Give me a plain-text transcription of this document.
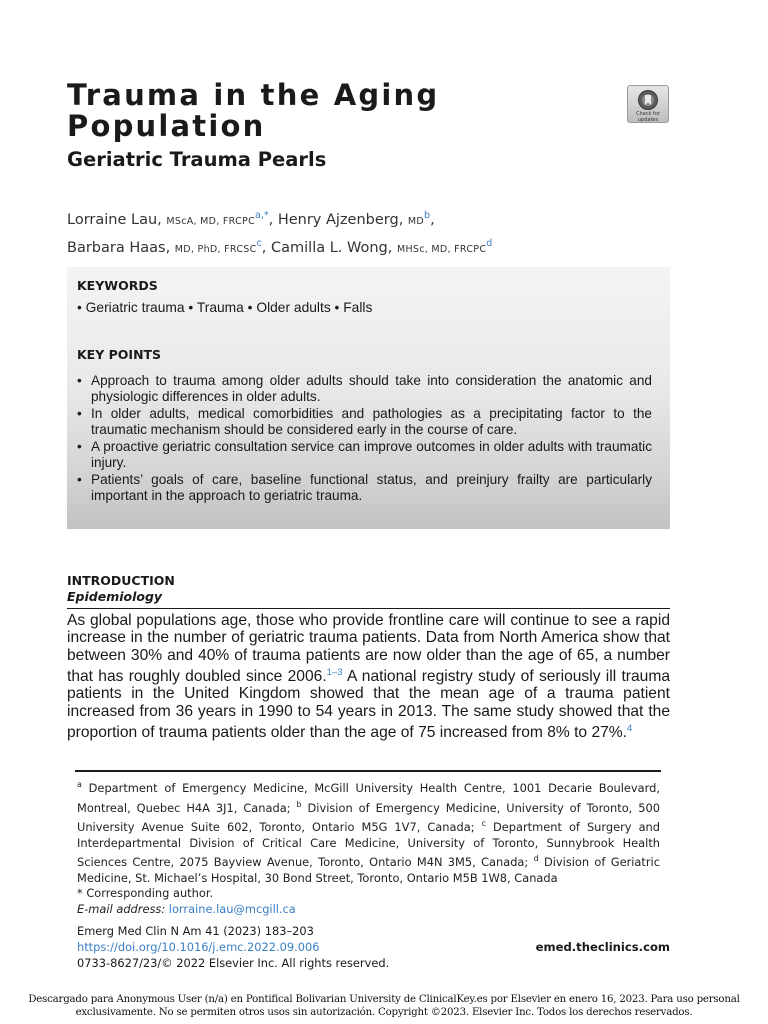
Trauma in the Aging Population	Check for updates
Geriatric Trauma Pearls
Lorraine Lau, MScA, MD, $FRCPC^{a,*}$, Henry Ajzenberg, $MD^b$,
Barbara Haas, MD, PhD, FRCSC$^c$, Camilla L. Wong, MHSc, MD, FRCPC$^d$
KEYWORDS
• Geriatric trauma • Trauma • Older adults • Falls
KEY POINTS
• Approach to trauma among older adults should take into consideration the anatomic and physiologic differences in older adults.
• In older adults, medical comorbidities and pathologies as a precipitating factor to the traumatic mechanism should be considered early in the course of care.
• A proactive geriatric consultation service can improve outcomes in older adults with traumatic injury.
• Patients’ goals of care, baseline functional status, and preinjury frailty are particularly important in the approach to geriatric trauma.
INTRODUCTION
Epidemiology

As global populations age, those who provide frontline care will continue to see a rapid increase in the number of geriatric trauma patients. Data from North America show that between 30% and 40% of trauma patients are now older than the age of 65, a number that has roughly doubled since 2006.$^{1-3}$ A national registry study of seriously ill trauma patients in the United Kingdom showed that the mean age of a trauma patient increased from 36 years in 1990 to 54 years in 2013. The same study showed that the proportion of trauma patients older than the age of 75 increased from 8% to 27%.$^4$

$^a$ Department of Emergency Medicine, McGill University Health Centre, 1001 Decarie Boulevard, Montreal, Quebec H4A 3J1, Canada; $^b$ Division of Emergency Medicine, University of Toronto, 500 University Avenue Suite 602, Toronto, Ontario M5G 1V7, Canada; $^c$ Department of Surgery and Interdepartmental Division of Critical Care Medicine, University of Toronto, Sunnybrook Health Sciences Centre, 2075 Bayview Avenue, Toronto, Ontario M4N 3M5, Canada; $^d$ Division of Geriatric Medicine, St. Michael’s Hospital, 30 Bond Street, Toronto, Ontario M5B 1W8, Canada
* Corresponding author.
E-mail address: lorraine.lau@mcgill.ca
Emerg Med Clin N Am 41 (2023) 183–203
https://doi.org/10.1016/j.emc.2022.09.006
0733-8627/23/© 2022 Elsevier Inc. All rights reserved.
emed.theclinics.com
Descargado para Anonymous User (n/a) en Pontifical Bolivarian University de ClinicalKey.es por Elsevier en enero 16, 2023. Para uso personal exclusivamente. No se permiten otros usos sin autorización. Copyright ©2023. Elsevier Inc. Todos los derechos reservados.
